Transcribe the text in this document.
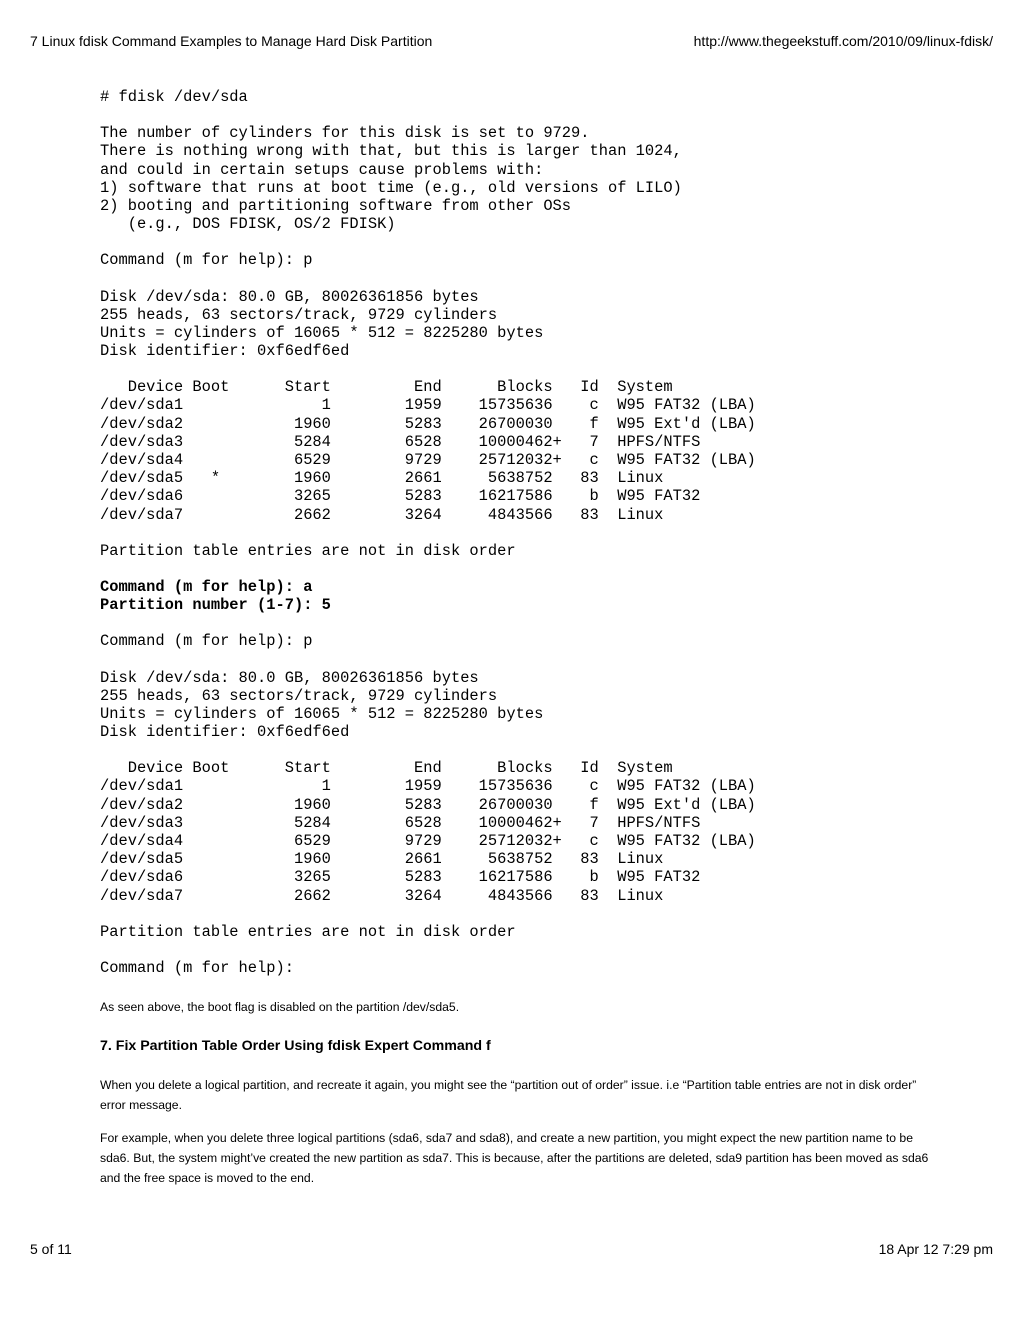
7 Linux fdisk Command Examples to Manage Hard Disk Partition	http://www.thegeekstuff.com/2010/09/linux-fdisk/
# fdisk /dev/sda
The number of cylinders for this disk is set to 9729.
There is nothing wrong with that, but this is larger than 1024,
and could in certain setups cause problems with:
1) software that runs at boot time (e.g., old versions of LILO)
2) booting and partitioning software from other OSs
(e.g., DOS FDISK, OS/2 FDISK)
Command (m for help): p
Disk /dev/sda: 80.0 GB, 80026361856 bytes
255 heads, 63 sectors/track, 9729 cylinders
Units = cylinders of 16065 * 512 = 8225280 bytes
Disk identifier: 0xf6edf6ed
Device Boot      Start         End      Blocks   Id  System
/dev/sda1               1        1959    15735636    c  W95 FAT32 (LBA)
/dev/sda2            1960        5283    26700030    f  W95 Ext'd (LBA)
/dev/sda3            5284        6528    10000462+   7  HPFS/NTFS
/dev/sda4            6529        9729    25712032+   c  W95 FAT32 (LBA)
/dev/sda5   *        1960        2661     5638752   83  Linux
/dev/sda6            3265        5283    16217586    b  W95 FAT32
/dev/sda7            2662        3264     4843566   83  Linux
Partition table entries are not in disk order
Command (m for help): a
Partition number (1-7): 5
Command (m for help): p
Disk /dev/sda: 80.0 GB, 80026361856 bytes
255 heads, 63 sectors/track, 9729 cylinders
Units = cylinders of 16065 * 512 = 8225280 bytes
Disk identifier: 0xf6edf6ed
Device Boot      Start         End      Blocks   Id  System
/dev/sda1               1        1959    15735636    c  W95 FAT32 (LBA)
/dev/sda2            1960        5283    26700030    f  W95 Ext'd (LBA)
/dev/sda3            5284        6528    10000462+   7  HPFS/NTFS
/dev/sda4            6529        9729    25712032+   c  W95 FAT32 (LBA)
/dev/sda5            1960        2661     5638752   83  Linux
/dev/sda6            3265        5283    16217586    b  W95 FAT32
/dev/sda7            2662        3264     4843566   83  Linux
Partition table entries are not in disk order
Command (m for help):

As seen above, the boot flag is disabled on the partition /dev/sda5.

7. Fix Partition Table Order Using fdisk Expert Command f

When you delete a logical partition, and recreate it again, you might see the “partition out of order” issue. i.e “Partition table entries are not in disk order” error message.

For example, when you delete three logical partitions (sda6, sda7 and sda8), and create a new partition, you might expect the new partition name to be sda6. But, the system might’ve created the new partition as sda7. This is because, after the partitions are deleted, sda9 partition has been moved as sda6 and the free space is moved to the end.

5 of 11	18 Apr 12 7:29 pm
